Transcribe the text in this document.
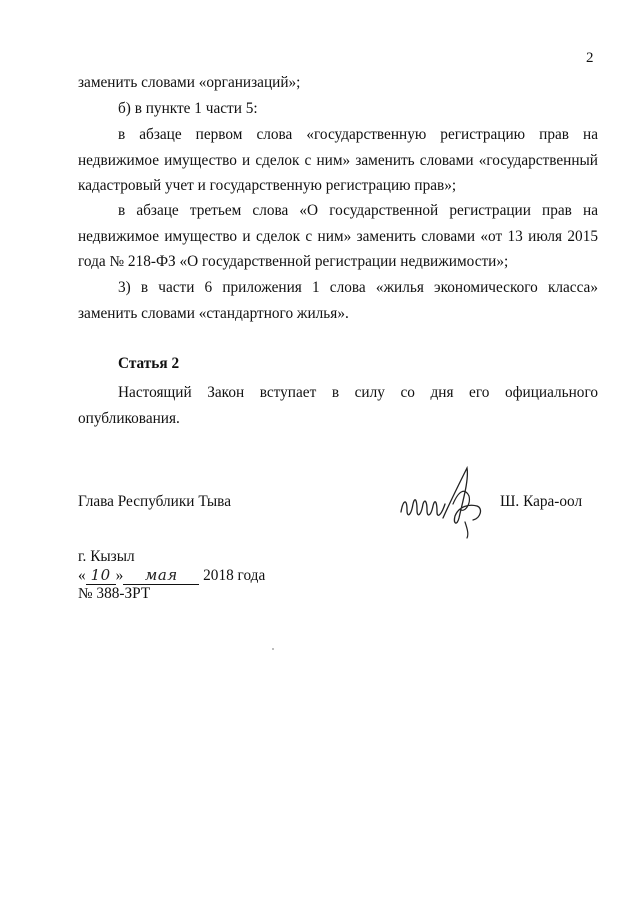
2

заменить словами «организаций»;

б) в пункте 1 части 5:

в абзаце первом слова «государственную регистрацию прав на недвижимое имущество и сделок с ним» заменить словами «государственный кадастровый учет и государственную регистрацию прав»;

в абзаце третьем слова «О государственной регистрации прав на недвижимое имущество и сделок с ним» заменить словами «от 13 июля 2015 года № 218-ФЗ «О государственной регистрации недвижимости»;

3) в части 6 приложения 1 слова «жилья экономического класса» заменить словами «стандартного жилья».

Статья 2

Настоящий Закон вступает в силу со дня его официального опубликования.

Глава Республики Тыва	Ш. Кара-оол
г. Кызыл
« 10 » мая 2018 года
№ 388-ЗРТ
